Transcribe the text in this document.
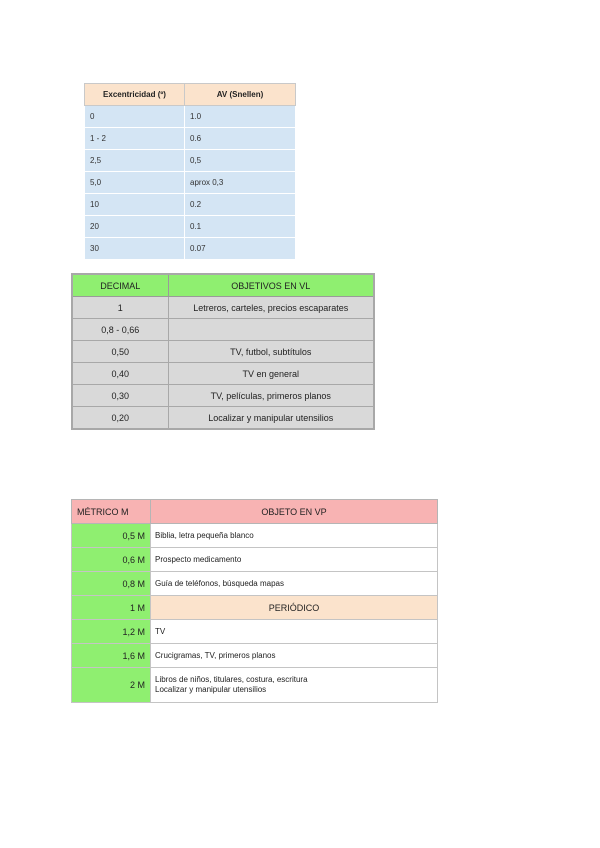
Excentricidad (º)	AV (Snellen)
0	1.0
1 - 2	0.6
2,5	0,5
5,0	aprox 0,3
10	0.2
20	0.1
30	0.07
DECIMAL	OBJETIVOS EN VL
1	Letreros, carteles, precios escaparates
0,8 - 0,66	
0,50	TV, futbol, subtítulos
0,40	TV en general
0,30	TV, películas, primeros planos
0,20	Localizar y manipular utensilios
MÉTRICO M	OBJETO EN VP
0,5 M	Biblia, letra pequeña blanco
0,6 M	Prospecto medicamento
0,8 M	Guía de teléfonos, búsqueda mapas
1 M	PERIÓDICO
1,2 M	TV
1,6 M	Crucigramas, TV, primeros planos
2 M	Libros de niños, titulares, costura, escritura
Localizar y manipular utensilios
